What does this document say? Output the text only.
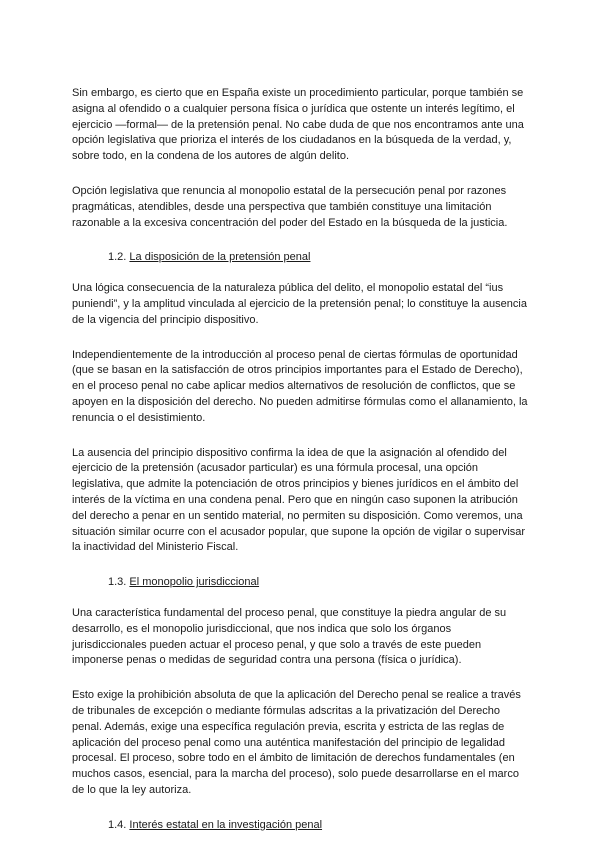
Sin embargo, es cierto que en España existe un procedimiento particular, porque también se asigna al ofendido o a cualquier persona física o jurídica que ostente un interés legítimo, el ejercicio —formal— de la pretensión penal. No cabe duda de que nos encontramos ante una opción legislativa que prioriza el interés de los ciudadanos en la búsqueda de la verdad, y, sobre todo, en la condena de los autores de algún delito.

Opción legislativa que renuncia al monopolio estatal de la persecución penal por razones pragmáticas, atendibles, desde una perspectiva que también constituye una limitación razonable a la excesiva concentración del poder del Estado en la búsqueda de la justicia.

1.2. La disposición de la pretensión penal

Una lógica consecuencia de la naturaleza pública del delito, el monopolio estatal del “ius puniendi”, y la amplitud vinculada al ejercicio de la pretensión penal; lo constituye la ausencia de la vigencia del principio dispositivo.

Independientemente de la introducción al proceso penal de ciertas fórmulas de oportunidad (que se basan en la satisfacción de otros principios importantes para el Estado de Derecho), en el proceso penal no cabe aplicar medios alternativos de resolución de conflictos, que se apoyen en la disposición del derecho. No pueden admitirse fórmulas como el allanamiento, la renuncia o el desistimiento.

La ausencia del principio dispositivo confirma la idea de que la asignación al ofendido del ejercicio de la pretensión (acusador particular) es una fórmula procesal, una opción legislativa, que admite la potenciación de otros principios y bienes jurídicos en el ámbito del interés de la víctima en una condena penal. Pero que en ningún caso suponen la atribución del derecho a penar en un sentido material, no permiten su disposición. Como veremos, una situación similar ocurre con el acusador popular, que supone la opción de vigilar o supervisar la inactividad del Ministerio Fiscal.

1.3. El monopolio jurisdiccional

Una característica fundamental del proceso penal, que constituye la piedra angular de su desarrollo, es el monopolio jurisdiccional, que nos indica que solo los órganos jurisdiccionales pueden actuar el proceso penal, y que solo a través de este pueden imponerse penas o medidas de seguridad contra una persona (física o jurídica).

Esto exige la prohibición absoluta de que la aplicación del Derecho penal se realice a través de tribunales de excepción o mediante fórmulas adscritas a la privatización del Derecho penal. Además, exige una específica regulación previa, escrita y estricta de las reglas de aplicación del proceso penal como una auténtica manifestación del principio de legalidad procesal. El proceso, sobre todo en el ámbito de limitación de derechos fundamentales (en muchos casos, esencial, para la marcha del proceso), solo puede desarrollarse en el marco de lo que la ley autoriza.

1.4. Interés estatal en la investigación penal
